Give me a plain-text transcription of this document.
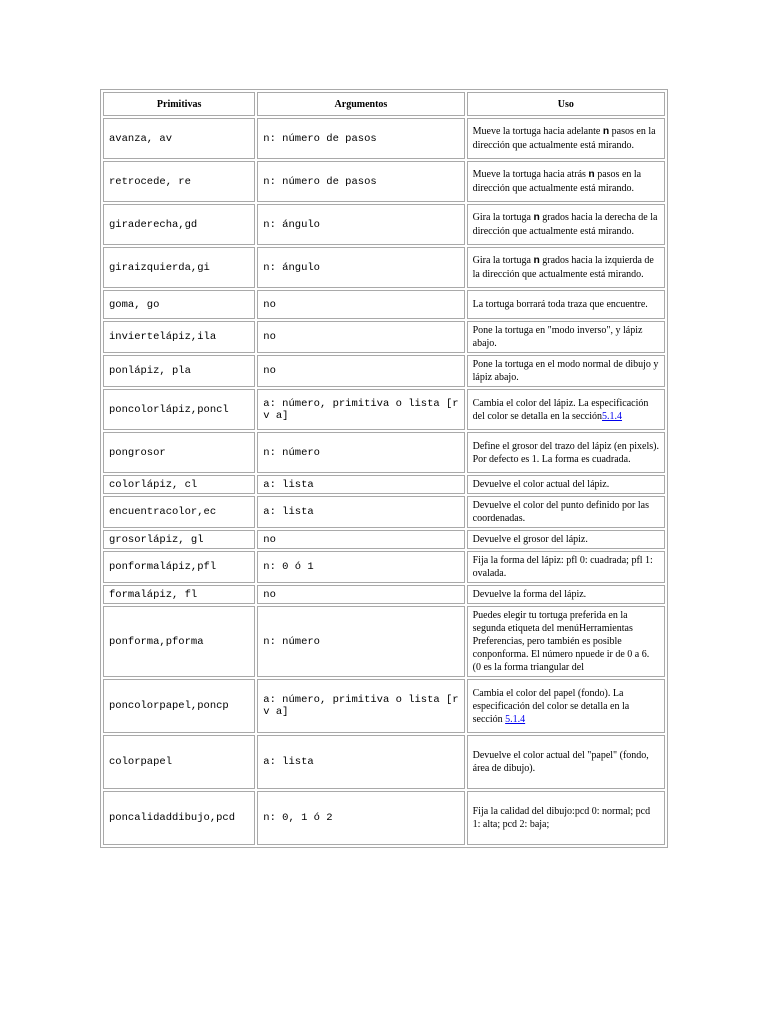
Primitivas	Argumentos	Uso
avanza, av	n: número de pasos	Mueve la tortuga hacia adelante n pasos en la dirección que actualmente está mirando.
retrocede, re	n: número de pasos	Mueve la tortuga hacia atrás n pasos en la dirección que actualmente está mirando.
giraderecha,gd	n: ángulo	Gira la tortuga n grados hacia la derecha de la dirección que actualmente está mirando.
giraizquierda,gi	n: ángulo	Gira la tortuga n grados hacia la izquierda de la dirección que actualmente está mirando.
goma, go	no	La tortuga borrará toda traza que encuentre.
inviertelápiz,ila	no	Pone la tortuga en "modo inverso", y lápiz abajo.
ponlápiz, pla	no	Pone la tortuga en el modo normal de dibujo y lápiz abajo.
poncolorlápiz,poncl	a: número, primitiva o lista [r v a]	Cambia el color del lápiz. La especificación del color se detalla en la sección5.1.4
pongrosor	n: número	Define el grosor del trazo del lápiz (en pixels). Por defecto es 1. La forma es cuadrada.
colorlápiz, cl	a: lista	Devuelve el color actual del lápiz.
encuentracolor,ec	a: lista	Devuelve el color del punto definido por las coordenadas.
grosorlápiz, gl	no	Devuelve el grosor del lápiz.
ponformalápiz,pfl	n: 0 ó 1	Fija la forma del lápiz: pfl 0: cuadrada; pfl 1: ovalada.
formalápiz, fl	no	Devuelve la forma del lápiz.
ponforma,pforma	n: número	Puedes elegir tu tortuga preferida en la segunda etiqueta del menúHerramientas Preferencias, pero también es posible conponforma. El número npuede ir de 0 a 6. (0 es la forma triangular del
poncolorpapel,poncp	a: número, primitiva o lista [r v a]	Cambia el color del papel (fondo). La especificación del color se detalla en la sección 5.1.4
colorpapel	a: lista	Devuelve el color actual del "papel" (fondo, área de dibujo).
poncalidaddibujo,pcd	n: 0, 1 ó 2	Fija la calidad del dibujo:pcd 0: normal; pcd 1: alta; pcd 2: baja;
